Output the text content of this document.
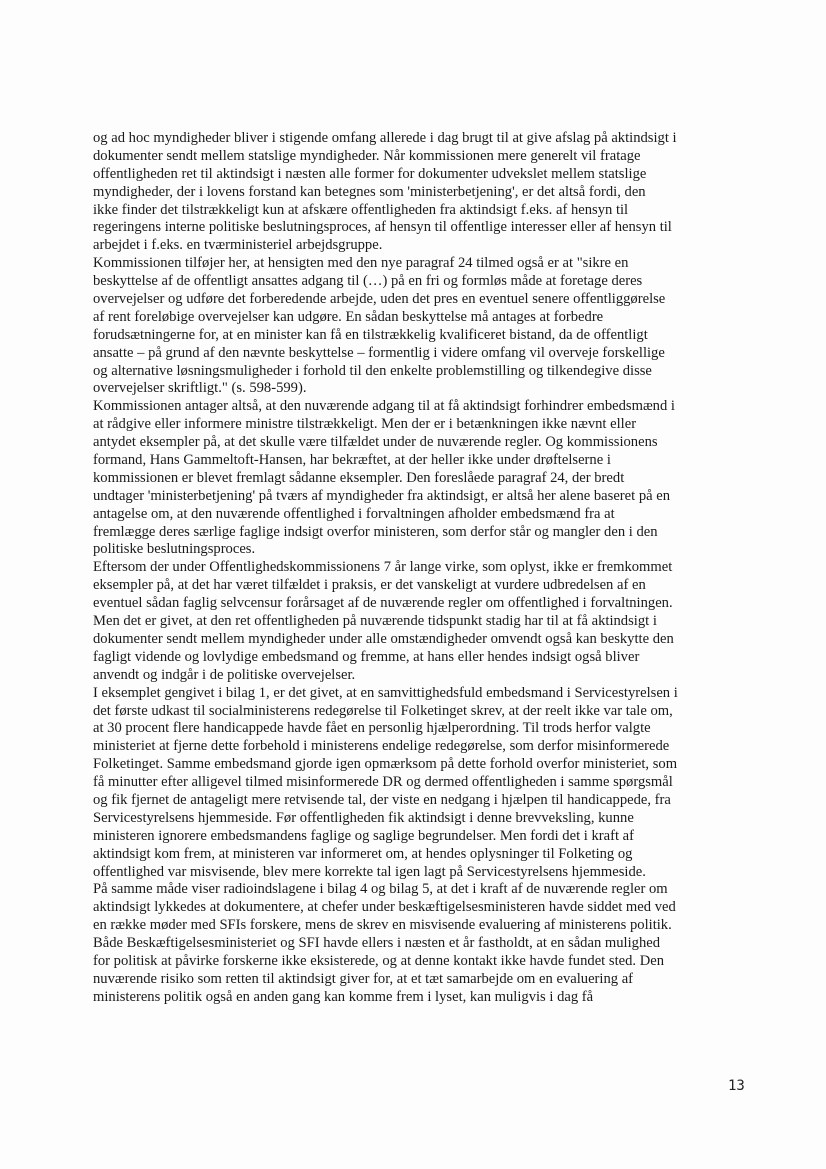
og ad hoc myndigheder bliver i stigende omfang allerede i dag brugt til at give afslag på aktindsigt i
dokumenter sendt mellem statslige myndigheder. Når kommissionen mere generelt vil fratage
offentligheden ret til aktindsigt i næsten alle former for dokumenter udvekslet mellem statslige
myndigheder, der i lovens forstand kan betegnes som 'ministerbetjening', er det altså fordi, den
ikke finder det tilstrækkeligt kun at afskære offentligheden fra aktindsigt f.eks. af hensyn til
regeringens interne politiske beslutningsproces, af hensyn til offentlige interesser eller af hensyn til
arbejdet i f.eks. en tværministeriel arbejdsgruppe.
Kommissionen tilføjer her, at hensigten med den nye paragraf 24 tilmed også er at "sikre en
beskyttelse af de offentligt ansattes adgang til (…) på en fri og formløs måde at foretage deres
overvejelser og udføre det forberedende arbejde, uden det pres en eventuel senere offentliggørelse
af rent foreløbige overvejelser kan udgøre. En sådan beskyttelse må antages at forbedre
forudsætningerne for, at en minister kan få en tilstrækkelig kvalificeret bistand, da de offentligt
ansatte – på grund af den nævnte beskyttelse – formentlig i videre omfang vil overveje forskellige
og alternative løsningsmuligheder i forhold til den enkelte problemstilling og tilkendegive disse
overvejelser skriftligt." (s. 598-599).
Kommissionen antager altså, at den nuværende adgang til at få aktindsigt forhindrer embedsmænd i
at rådgive eller informere ministre tilstrækkeligt. Men der er i betænkningen ikke nævnt eller
antydet eksempler på, at det skulle være tilfældet under de nuværende regler. Og kommissionens
formand, Hans Gammeltoft-Hansen, har bekræftet, at der heller ikke under drøftelserne i
kommissionen er blevet fremlagt sådanne eksempler. Den foreslåede paragraf 24, der bredt
undtager 'ministerbetjening' på tværs af myndigheder fra aktindsigt, er altså her alene baseret på en
antagelse om, at den nuværende offentlighed i forvaltningen afholder embedsmænd fra at
fremlægge deres særlige faglige indsigt overfor ministeren, som derfor står og mangler den i den
politiske beslutningsproces.
Eftersom der under Offentlighedskommissionens 7 år lange virke, som oplyst, ikke er fremkommet
eksempler på, at det har været tilfældet i praksis, er det vanskeligt at vurdere udbredelsen af en
eventuel sådan faglig selvcensur forårsaget af de nuværende regler om offentlighed i forvaltningen.
Men det er givet, at den ret offentligheden på nuværende tidspunkt stadig har til at få aktindsigt i
dokumenter sendt mellem myndigheder under alle omstændigheder omvendt også kan beskytte den
fagligt vidende og lovlydige embedsmand og fremme, at hans eller hendes indsigt også bliver
anvendt og indgår i de politiske overvejelser.
I eksemplet gengivet i bilag 1, er det givet, at en samvittighedsfuld embedsmand i Servicestyrelsen i
det første udkast til socialministerens redegørelse til Folketinget skrev, at der reelt ikke var tale om,
at 30 procent flere handicappede havde fået en personlig hjælperordning. Til trods herfor valgte
ministeriet at fjerne dette forbehold i ministerens endelige redegørelse, som derfor misinformerede
Folketinget. Samme embedsmand gjorde igen opmærksom på dette forhold overfor ministeriet, som
få minutter efter alligevel tilmed misinformerede DR og dermed offentligheden i samme spørgsmål
og fik fjernet de antageligt mere retvisende tal, der viste en nedgang i hjælpen til handicappede, fra
Servicestyrelsens hjemmeside. Før offentligheden fik aktindsigt i denne brevveksling, kunne
ministeren ignorere embedsmandens faglige og saglige begrundelser. Men fordi det i kraft af
aktindsigt kom frem, at ministeren var informeret om, at hendes oplysninger til Folketing og
offentlighed var misvisende, blev mere korrekte tal igen lagt på Servicestyrelsens hjemmeside.
På samme måde viser radioindslagene i bilag 4 og bilag 5, at det i kraft af de nuværende regler om
aktindsigt lykkedes at dokumentere, at chefer under beskæftigelsesministeren havde siddet med ved
en række møder med SFIs forskere, mens de skrev en misvisende evaluering af ministerens politik.
Både Beskæftigelsesministeriet og SFI havde ellers i næsten et år fastholdt, at en sådan mulighed
for politisk at påvirke forskerne ikke eksisterede, og at denne kontakt ikke havde fundet sted. Den
nuværende risiko som retten til aktindsigt giver for, at et tæt samarbejde om en evaluering af
ministerens politik også en anden gang kan komme frem i lyset, kan muligvis i dag få
13
